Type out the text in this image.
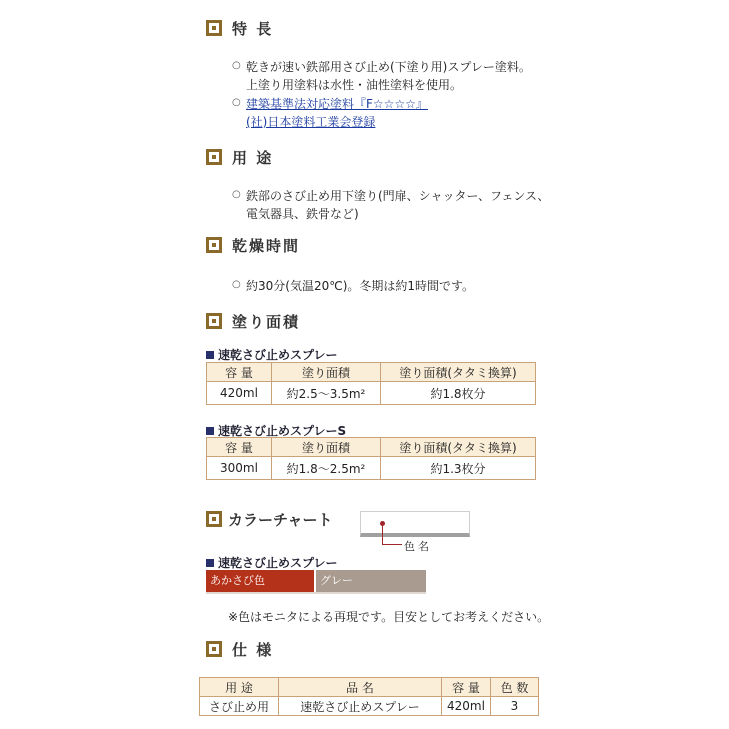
特 長
○ 乾きが速い鉄部用さび止め(下塗り用)スプレー塗料。
上塗り用塗料は水性・油性塗料を使用。
○ 建築基準法対応塗料『F☆☆☆☆』
(社)日本塗料工業会登録
用 途
○ 鉄部のさび止め用下塗り(門扉、シャッター、フェンス、
電気器具、鉄骨など)
乾燥時間
○ 約30分(気温20℃)。冬期は約1時間です。
塗り面積
速乾さび止めスプレー
容 量	塗り面積	塗り面積(タタミ換算)
420ml	約2.5～3.5m²	約1.8枚分
速乾さび止めスプレーS
容 量	塗り面積	塗り面積(タタミ換算)
300ml	約1.8～2.5m²	約1.3枚分
カラーチャート
色名
速乾さび止めスプレー
あかさび色	グレー
※色はモニタによる再現です。目安としてお考えください。
仕 様
用 途	品 名	容 量	色 数
さび止め用	速乾さび止めスプレー	420ml	3
